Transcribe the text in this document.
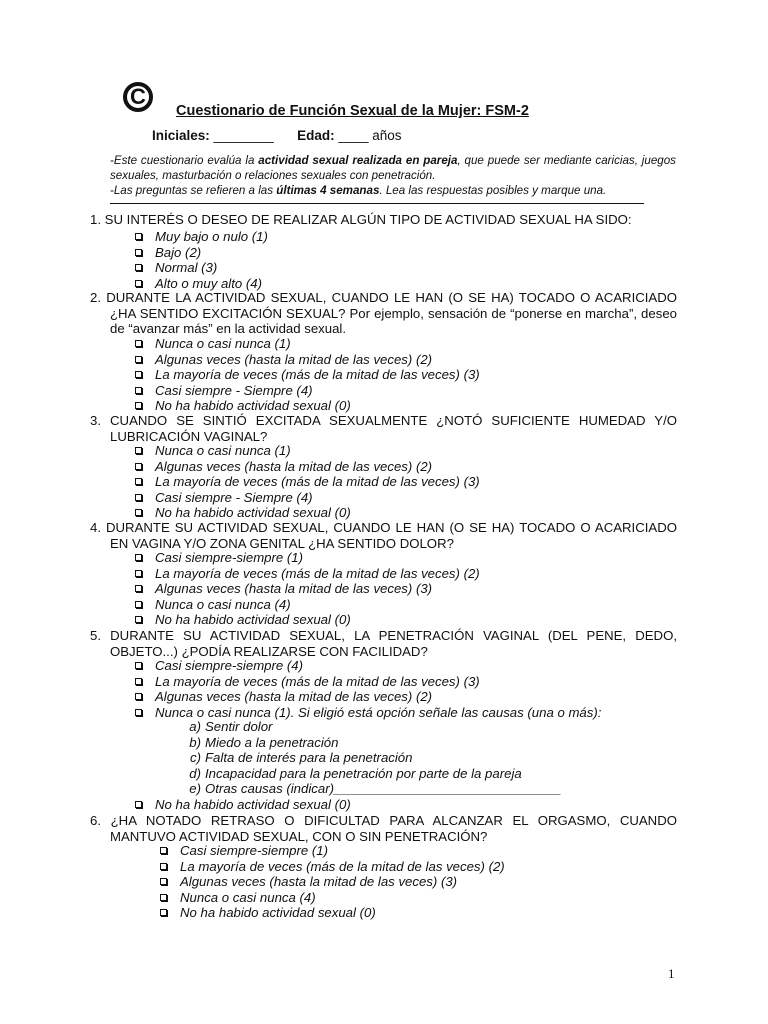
C
Cuestionario de Función Sexual de la Mujer: FSM-2
Iniciales: ________ Edad: ____ años

-Este cuestionario evalúa la actividad sexual realizada en pareja, que puede ser mediante caricias, juegos sexuales, masturbación o relaciones sexuales con penetración.

-Las preguntas se refieren a las últimas 4 semanas. Lea las respuestas posibles y marque una.

1. SU INTERÉS O DESEO DE REALIZAR ALGÚN TIPO DE ACTIVIDAD SEXUAL HA SIDO:
Muy bajo o nulo (1)
Bajo (2)
Normal (3)
Alto o muy alto (4)
2. DURANTE LA ACTIVIDAD SEXUAL, CUANDO LE HAN (O SE HA) TOCADO O ACARICIADO ¿HA SENTIDO EXCITACIÓN SEXUAL? Por ejemplo, sensación de “ponerse en marcha”, deseo de “avanzar más” en la actividad sexual.
Nunca o casi nunca (1)
Algunas veces (hasta la mitad de las veces) (2)
La mayoría de veces (más de la mitad de las veces) (3)
Casi siempre - Siempre (4)
No ha habido actividad sexual (0)
3. CUANDO SE SINTIÓ EXCITADA SEXUALMENTE ¿NOTÓ SUFICIENTE HUMEDAD Y/O LUBRICACIÓN VAGINAL?
Nunca o casi nunca (1)
Algunas veces (hasta la mitad de las veces) (2)
La mayoría de veces (más de la mitad de las veces) (3)
Casi siempre - Siempre (4)
No ha habido actividad sexual (0)
4. DURANTE SU ACTIVIDAD SEXUAL, CUANDO LE HAN (O SE HA) TOCADO O ACARICIADO EN VAGINA Y/O ZONA GENITAL ¿HA SENTIDO DOLOR?
Casi siempre-siempre (1)
La mayoría de veces (más de la mitad de las veces) (2)
Algunas veces (hasta la mitad de las veces) (3)
Nunca o casi nunca (4)
No ha habido actividad sexual (0)
5. DURANTE SU ACTIVIDAD SEXUAL, LA PENETRACIÓN VAGINAL (DEL PENE, DEDO, OBJETO...) ¿PODÍA REALIZARSE CON FACILIDAD?
Casi siempre-siempre (4)
La mayoría de veces (más de la mitad de las veces) (3)
Algunas veces (hasta la mitad de las veces) (2)
Nunca o casi nunca (1). Si eligió está opción señale las causas (una o más):
a) Sentir dolor
b) Miedo a la penetración
c) Falta de interés para la penetración
d) Incapacidad para la penetración por parte de la pareja
e) Otras causas (indicar)_______________________________
No ha habido actividad sexual (0)
6. ¿HA NOTADO RETRASO O DIFICULTAD PARA ALCANZAR EL ORGASMO, CUANDO MANTUVO ACTIVIDAD SEXUAL, CON O SIN PENETRACIÓN?
Casi siempre-siempre (1)
La mayoría de veces (más de la mitad de las veces) (2)
Algunas veces (hasta la mitad de las veces) (3)
Nunca o casi nunca (4)
No ha habido actividad sexual (0)
1
